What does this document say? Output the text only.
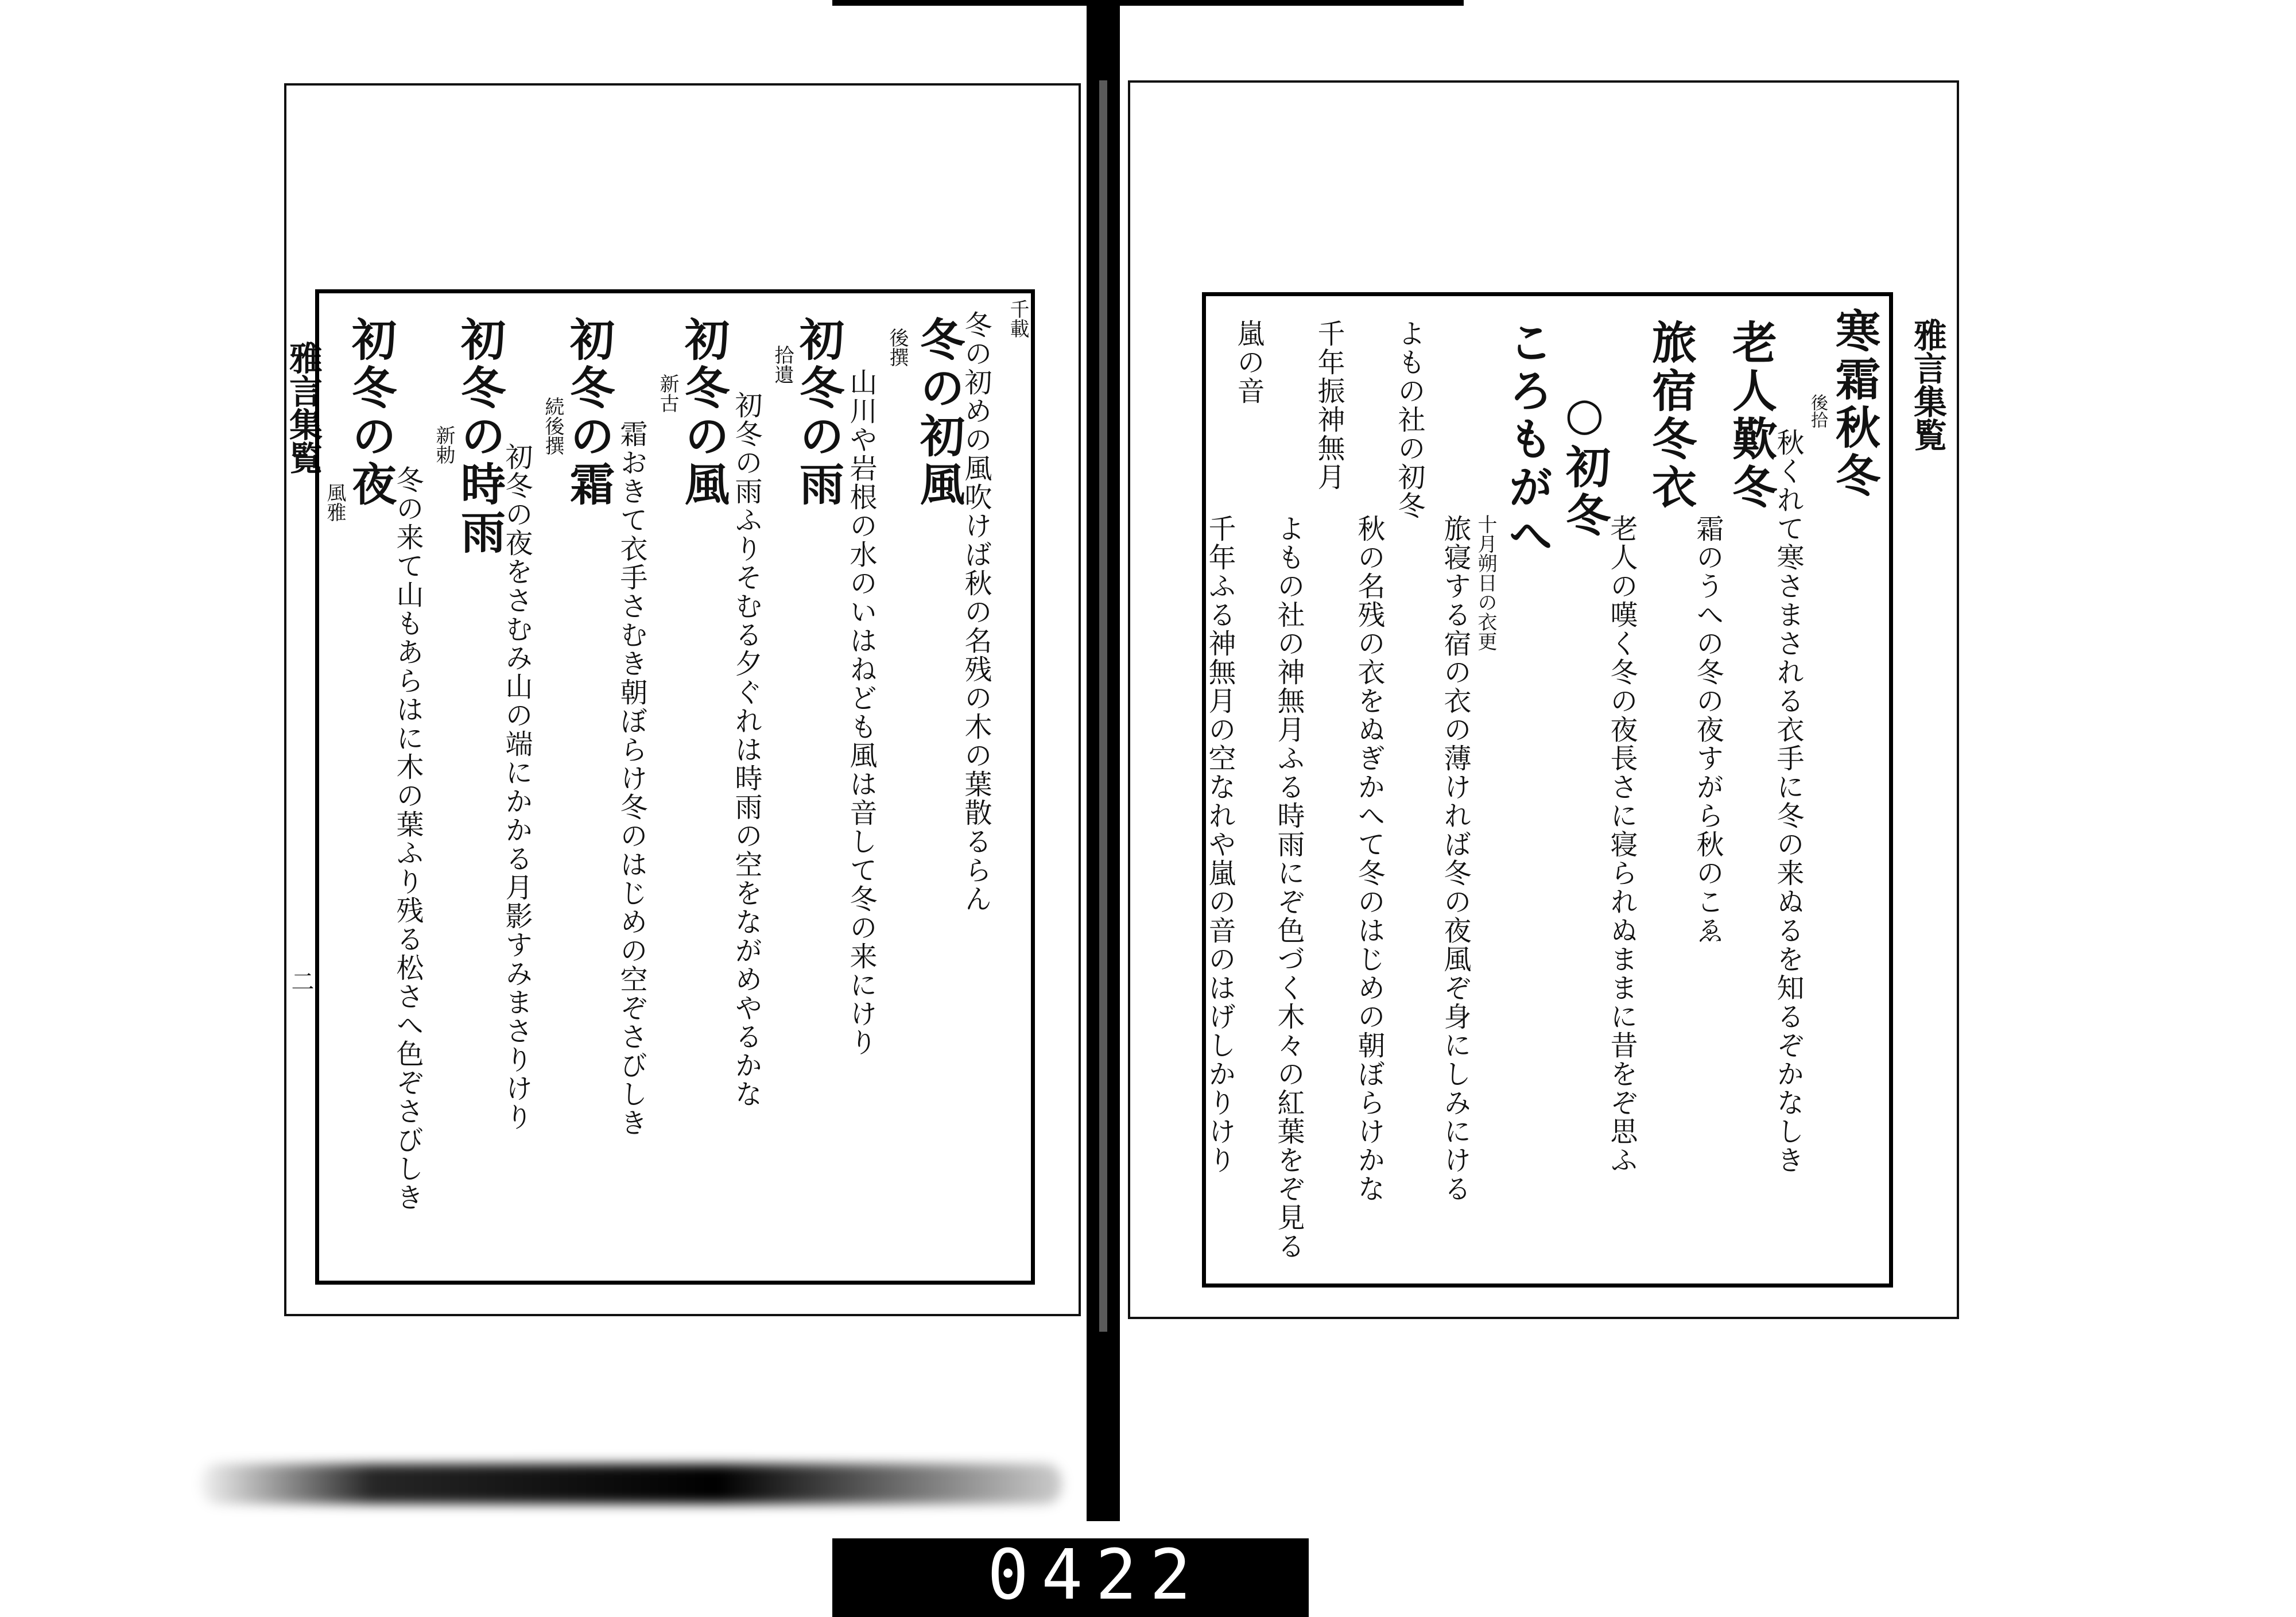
雅言集覧
二
千載
冬の初めの風吹けば秋の名残の木の葉散るらん
冬の初風
後撰
山川や岩根の水のいはねども風は音して冬の来にけり
初冬の雨
拾遺
初冬の雨ふりそむる夕ぐれは時雨の空をながめやるかな
初冬の風
新古
霜おきて衣手さむき朝ぼらけ冬のはじめの空ぞさびしき
初冬の霜
続後撰
初冬の夜をさむみ山の端にかかる月影すみまさりけり
初冬の時雨
新勅
冬の来て山もあらはに木の葉ふり残る松さへ色ぞさびしき
初冬の夜
風雅
雅言集覧
寒霜秋冬
後拾
秋くれて寒さまされる衣手に冬の来ぬるを知るぞかなしき
老人歎冬
霜のうへの冬の夜すがら秋のこゑ
旅宿冬衣
老人の嘆く冬の夜長さに寝られぬままに昔をぞ思ふ
○初冬
ころもがへ
十月朔日の衣更
旅寝する宿の衣の薄ければ冬の夜風ぞ身にしみにける
よもの社の初冬
秋の名残の衣をぬぎかへて冬のはじめの朝ぼらけかな
千年振神無月
よもの社の神無月ふる時雨にぞ色づく木々の紅葉をぞ見る
嵐の音
千年ふる神無月の空なれや嵐の音のはげしかりけり
0422
